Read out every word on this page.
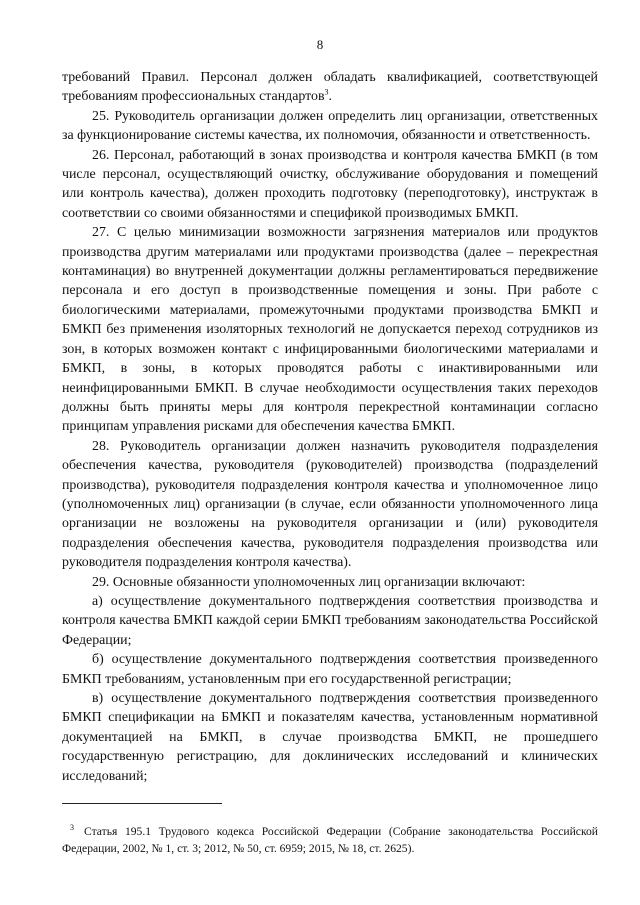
8

требований Правил. Персонал должен обладать квалификацией, соответствующей требованиям профессиональных стандартов$^3$.

25. Руководитель организации должен определить лиц организации, ответственных за функционирование системы качества, их полномочия, обязанности и ответственность.

26. Персонал, работающий в зонах производства и контроля качества БМКП (в том числе персонал, осуществляющий очистку, обслуживание оборудования и помещений или контроль качества), должен проходить подготовку (переподготовку), инструктаж в соответствии со своими обязанностями и спецификой производимых БМКП.

27. С целью минимизации возможности загрязнения материалов или продуктов производства другим материалами или продуктами производства (далее – перекрестная контаминация) во внутренней документации должны регламентироваться передвижение персонала и его доступ в производственные помещения и зоны. При работе с биологическими материалами, промежуточными продуктами производства БМКП и БМКП без применения изоляторных технологий не допускается переход сотрудников из зон, в которых возможен контакт с инфицированными биологическими материалами и БМКП, в зоны, в которых проводятся работы с инактивированными или неинфицированными БМКП. В случае необходимости осуществления таких переходов должны быть приняты меры для контроля перекрестной контаминации согласно принципам управления рисками для обеспечения качества БМКП.

28. Руководитель организации должен назначить руководителя подразделения обеспечения качества, руководителя (руководителей) производства (подразделений производства), руководителя подразделения контроля качества и уполномоченное лицо (уполномоченных лиц) организации (в случае, если обязанности уполномоченного лица организации не возложены на руководителя организации и (или) руководителя подразделения обеспечения качества, руководителя подразделения производства или руководителя подразделения контроля качества).

29. Основные обязанности уполномоченных лиц организации включают:

а) осуществление документального подтверждения соответствия производства и контроля качества БМКП каждой серии БМКП требованиям законодательства Российской Федерации;

б) осуществление документального подтверждения соответствия произведенного БМКП требованиям, установленным при его государственной регистрации;

в) осуществление документального подтверждения соответствия произведенного БМКП спецификации на БМКП и показателям качества, установленным нормативной документацией на БМКП, в случае производства БМКП, не прошедшего государственную регистрацию, для доклинических исследований и клинических исследований;

$^3$ Статья 195.1 Трудового кодекса Российской Федерации (Собрание законодательства Российской Федерации, 2002, № 1, ст. 3; 2012, № 50, ст. 6959; 2015, № 18, ст. 2625).
